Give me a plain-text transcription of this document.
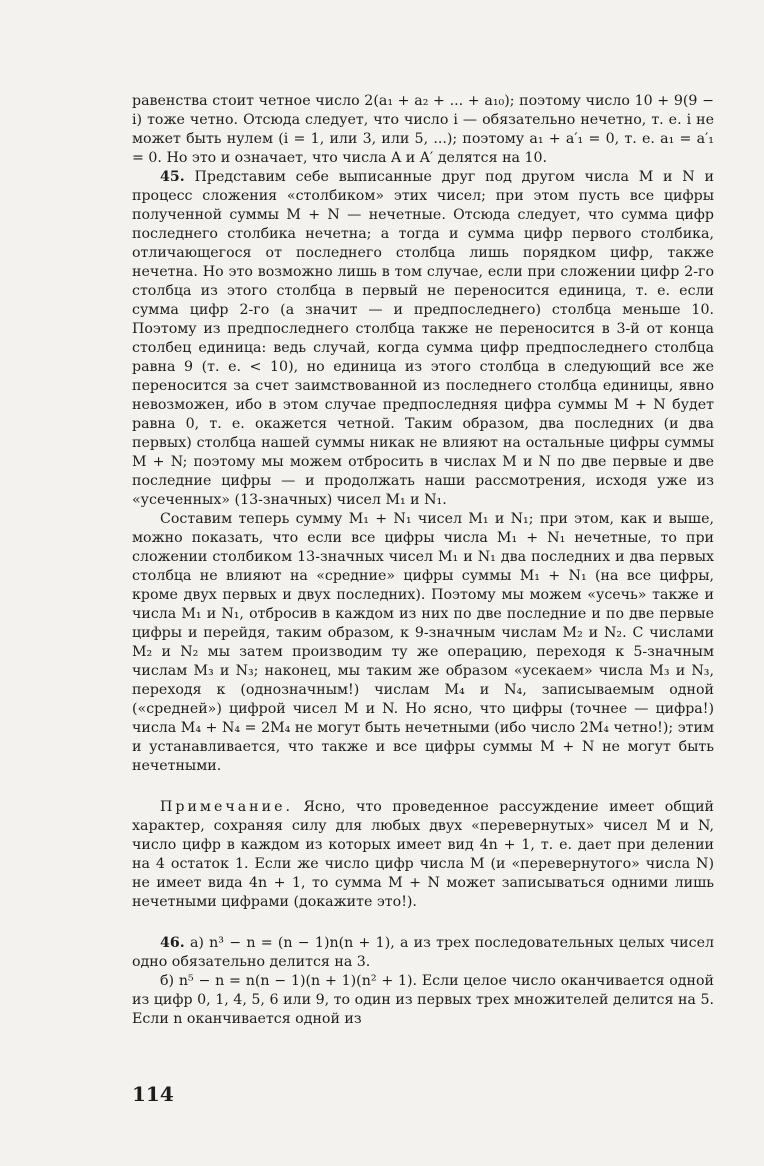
равенства стоит четное число 2(a₁ + a₂ + ... + a₁₀); поэтому число 10 + 9(9 − i) тоже четно. Отсюда следует, что число i — обязательно нечетно, т. е. i не может быть нулем (i = 1, или 3, или 5, ...); поэтому a₁ + a′₁ = 0, т. е. a₁ = a′₁ = 0. Но это и означает, что числа A и A′ делятся на 10.

45. Представим себе выписанные друг под другом числа M и N и процесс сложения «столбиком» этих чисел; при этом пусть все цифры полученной суммы M + N — нечетные. Отсюда следует, что сумма цифр последнего столбика нечетна; а тогда и сумма цифр первого столбика, отличающегося от последнего столбца лишь порядком цифр, также нечетна. Но это возможно лишь в том случае, если при сложении цифр 2-го столбца из этого столбца в первый не переносится единица, т. е. если сумма цифр 2-го (а значит — и предпоследнего) столбца меньше 10. Поэтому из предпоследнего столбца также не переносится в 3-й от конца столбец единица: ведь случай, когда сумма цифр предпоследнего столбца равна 9 (т. е. < 10), но единица из этого столбца в следующий все же переносится за счет заимствованной из последнего столбца единицы, явно невозможен, ибо в этом случае предпоследняя цифра суммы M + N будет равна 0, т. е. окажется четной. Таким образом, два последних (и два первых) столбца нашей суммы никак не влияют на остальные цифры суммы M + N; поэтому мы можем отбросить в числах M и N по две первые и две последние цифры — и продолжать наши рассмотрения, исходя уже из «усеченных» (13-значных) чисел M₁ и N₁.

Составим теперь сумму M₁ + N₁ чисел M₁ и N₁; при этом, как и выше, можно показать, что если все цифры числа M₁ + N₁ нечетные, то при сложении столбиком 13-значных чисел M₁ и N₁ два последних и два первых столбца не влияют на «средние» цифры суммы M₁ + N₁ (на все цифры, кроме двух первых и двух последних). Поэтому мы можем «усечь» также и числа M₁ и N₁, отбросив в каждом из них по две последние и по две первые цифры и перейдя, таким образом, к 9-значным числам M₂ и N₂. С числами M₂ и N₂ мы затем производим ту же операцию, переходя к 5-значным числам M₃ и N₃; наконец, мы таким же образом «усекаем» числа M₃ и N₃, переходя к (однозначным!) числам M₄ и N₄, записываемым одной («средней») цифрой чисел M и N. Но ясно, что цифры (точнее — цифра!) числа M₄ + N₄ = 2M₄ не могут быть нечетными (ибо число 2M₄ четно!); этим и устанавливается, что также и все цифры суммы M + N не могут быть нечетными.

Примечание. Ясно, что проведенное рассуждение имеет общий характер, сохраняя силу для любых двух «перевернутых» чисел M и N, число цифр в каждом из которых имеет вид 4n + 1, т. е. дает при делении на 4 остаток 1. Если же число цифр числа M (и «перевернутого» числа N) не имеет вида 4n + 1, то сумма M + N может записываться одними лишь нечетными цифрами (докажите это!).

46. а) n³ − n = (n − 1)n(n + 1), а из трех последовательных целых чисел одно обязательно делится на 3.

б) n⁵ − n = n(n − 1)(n + 1)(n² + 1). Если целое число оканчивается одной из цифр 0, 1, 4, 5, 6 или 9, то один из первых трех множителей делится на 5. Если n оканчивается одной из

114
